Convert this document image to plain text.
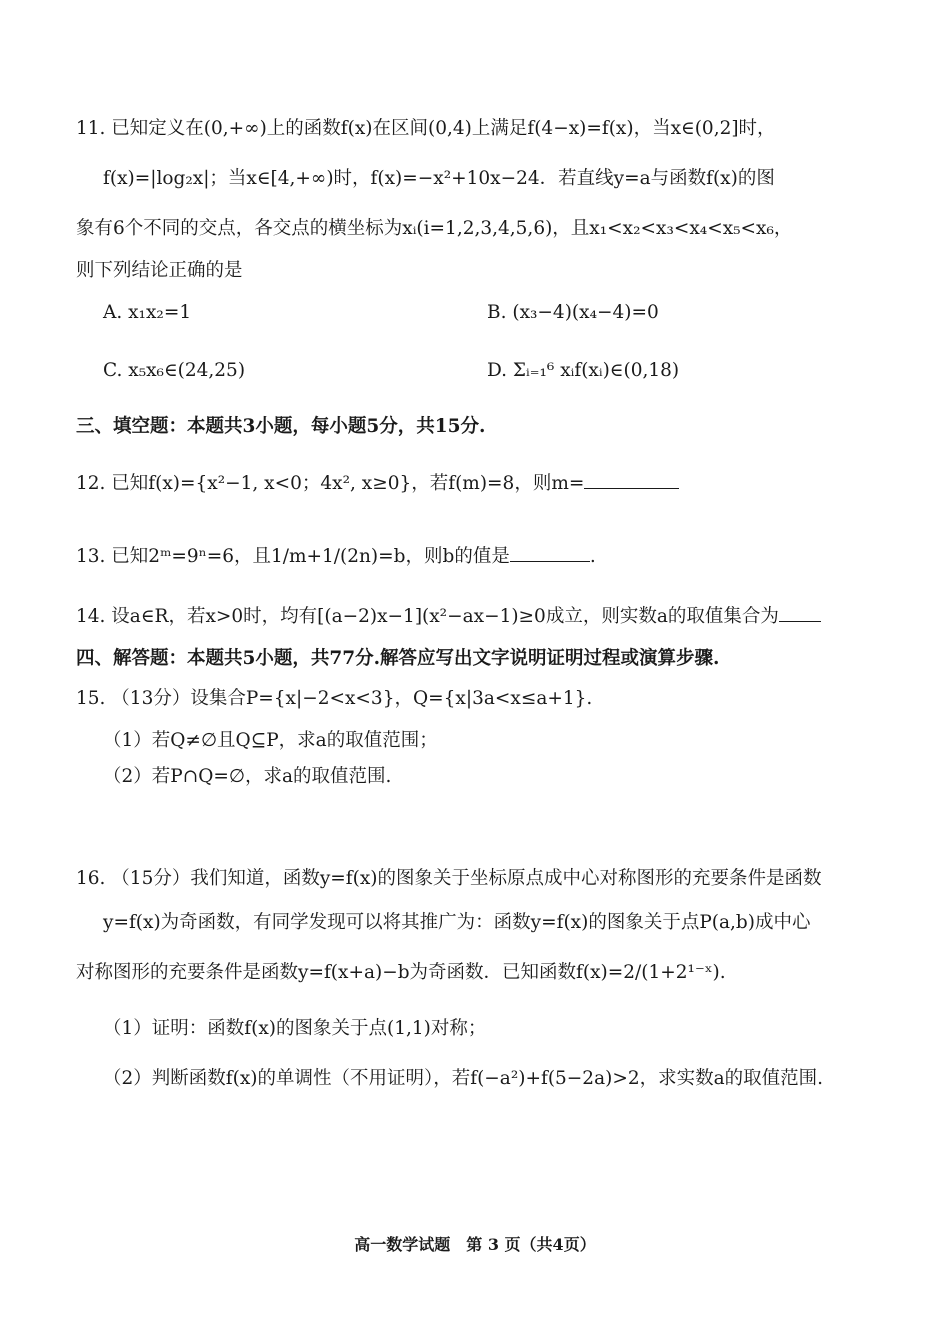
11. 已知定义在(0,+∞)上的函数f(x)在区间(0,4)上满足f(4−x)=f(x)，当x∈(0,2]时，
f(x)=|log₂x|；当x∈[4,+∞)时，f(x)=−x²+10x−24．若直线y=a与函数f(x)的图
象有6个不同的交点，各交点的横坐标为xᵢ(i=1,2,3,4,5,6)，且x₁<x₂<x₃<x₄<x₅<x₆，
则下列结论正确的是
A. x₁x₂=1	B. (x₃−4)(x₄−4)=0
C. x₅x₆∈(24,25)	D. Σᵢ₌₁⁶ xᵢf(xᵢ)∈(0,18)
三、填空题：本题共3小题，每小题5分，共15分.
12. 已知f(x)={x²−1, x<0；4x², x≥0}，若f(m)=8，则m=
13. 已知2ᵐ=9ⁿ=6，且1/m+1/(2n)=b，则b的值是	.
14. 设a∈R，若x>0时，均有[(a−2)x−1](x²−ax−1)≥0成立，则实数a的取值集合为
四、解答题：本题共5小题，共77分.解答应写出文字说明证明过程或演算步骤.
15. （13分）设集合P={x|−2<x<3}，Q={x|3a<x≤a+1}.
（1）若Q≠∅且Q⊆P，求a的取值范围；
（2）若P∩Q=∅，求a的取值范围.
16. （15分）我们知道，函数y=f(x)的图象关于坐标原点成中心对称图形的充要条件是函数
y=f(x)为奇函数，有同学发现可以将其推广为：函数y=f(x)的图象关于点P(a,b)成中心
对称图形的充要条件是函数y=f(x+a)−b为奇函数．已知函数f(x)=2/(1+2¹⁻ˣ).
（1）证明：函数f(x)的图象关于点(1,1)对称；
（2）判断函数f(x)的单调性（不用证明），若f(−a²)+f(5−2a)>2，求实数a的取值范围.
高一数学试题　第 3 页（共4页）
